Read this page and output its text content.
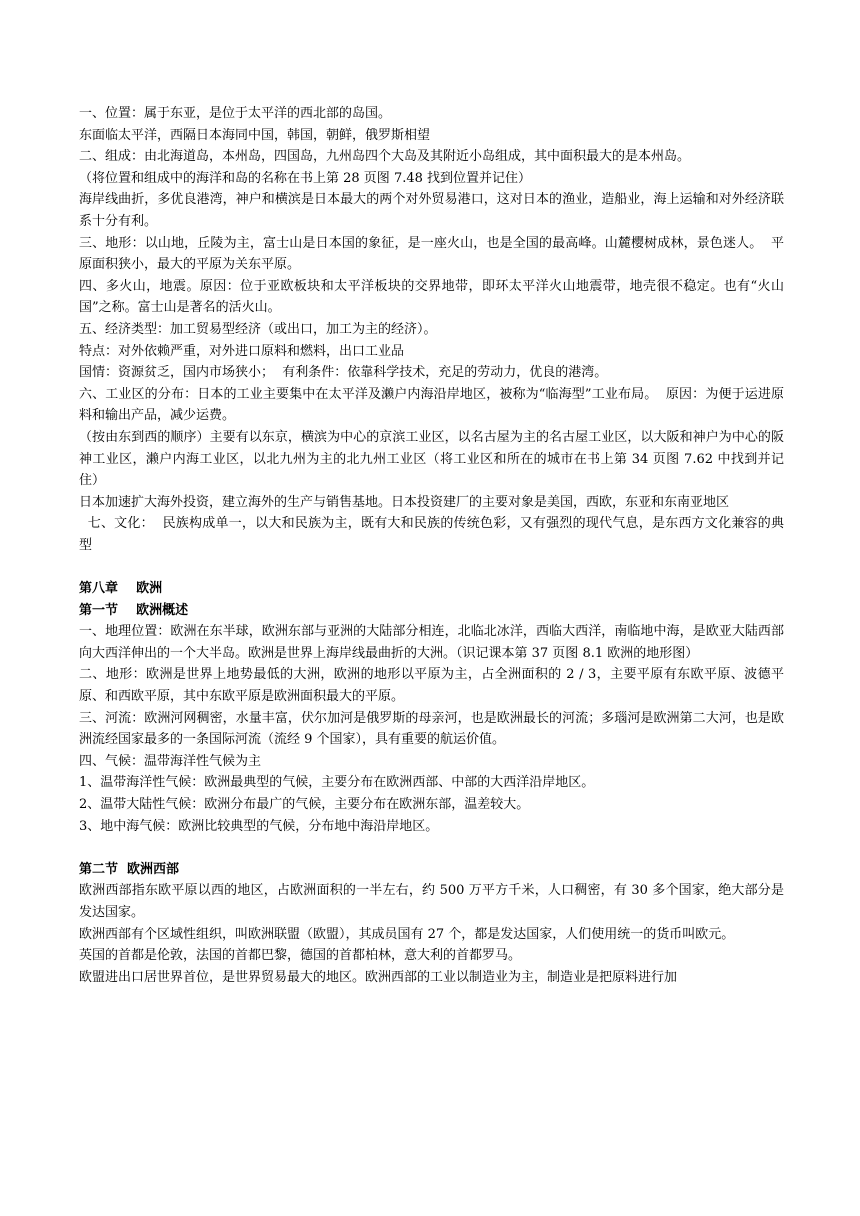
一、位置：属于东亚，是位于太平洋的西北部的岛国。

东面临太平洋，西隔日本海同中国，韩国，朝鲜，俄罗斯相望

二、组成：由北海道岛，本州岛，四国岛，九州岛四个大岛及其附近小岛组成，其中面积最大的是本州岛。

（将位置和组成中的海洋和岛的名称在书上第 28 页图 7.48 找到位置并记住）

海岸线曲折，多优良港湾，神户和横滨是日本最大的两个对外贸易港口，这对日本的渔业，造船业，海上运输和对外经济联系十分有利。

三、地形：以山地，丘陵为主，富士山是日本国的象征，是一座火山，也是全国的最高峰。山麓樱树成林，景色迷人。  平原面积狭小，最大的平原为关东平原。

四、多火山，地震。原因：位于亚欧板块和太平洋板块的交界地带，即环太平洋火山地震带，地壳很不稳定。也有“火山国”之称。富士山是著名的活火山。

五、经济类型：加工贸易型经济（或出口，加工为主的经济）。

特点：对外依赖严重，对外进口原料和燃料，出口工业品

国情：资源贫乏，国内市场狭小；  有利条件：依靠科学技术，充足的劳动力，优良的港湾。

六、工业区的分布：日本的工业主要集中在太平洋及濑户内海沿岸地区，被称为“临海型”工业布局。  原因：为便于运进原料和输出产品，减少运费。

（按由东到西的顺序）主要有以东京，横滨为中心的京滨工业区，以名古屋为主的名古屋工业区，以大阪和神户为中心的阪神工业区，濑户内海工业区，以北九州为主的北九州工业区（将工业区和所在的城市在书上第 34 页图 7.62 中找到并记住）

日本加速扩大海外投资，建立海外的生产与销售基地。日本投资建厂的主要对象是美国，西欧，东亚和东南亚地区

七、文化：  民族构成单一，以大和民族为主，既有大和民族的传统色彩，又有强烈的现代气息，是东西方文化兼容的典型

第八章    欧洲

第一节    欧洲概述

一、地理位置：欧洲在东半球，欧洲东部与亚洲的大陆部分相连，北临北冰洋，西临大西洋，南临地中海，是欧亚大陆西部向大西洋伸出的一个大半岛。欧洲是世界上海岸线最曲折的大洲。（识记课本第 37 页图 8.1 欧洲的地形图）

二、地形：欧洲是世界上地势最低的大洲，欧洲的地形以平原为主，占全洲面积的 2 / 3，主要平原有东欧平原、波德平原、和西欧平原，其中东欧平原是欧洲面积最大的平原。

三、河流：欧洲河网稠密，水量丰富，伏尔加河是俄罗斯的母亲河，也是欧洲最长的河流；多瑙河是欧洲第二大河，也是欧洲流经国家最多的一条国际河流（流经 9 个国家），具有重要的航运价值。

四、气候：温带海洋性气候为主

1、温带海洋性气候：欧洲最典型的气候，主要分布在欧洲西部、中部的大西洋沿岸地区。

2、温带大陆性气候：欧洲分布最广的气候，主要分布在欧洲东部，温差较大。

3、地中海气候：欧洲比较典型的气候，分布地中海沿岸地区。

第二节  欧洲西部

欧洲西部指东欧平原以西的地区，占欧洲面积的一半左右，约 500 万平方千米，人口稠密，有 30 多个国家，绝大部分是发达国家。

欧洲西部有个区域性组织，叫欧洲联盟（欧盟），其成员国有 27 个，都是发达国家，人们使用统一的货币叫欧元。

英国的首都是伦敦，法国的首都巴黎，德国的首都柏林，意大利的首都罗马。

欧盟进出口居世界首位，是世界贸易最大的地区。欧洲西部的工业以制造业为主，制造业是把原料进行加
